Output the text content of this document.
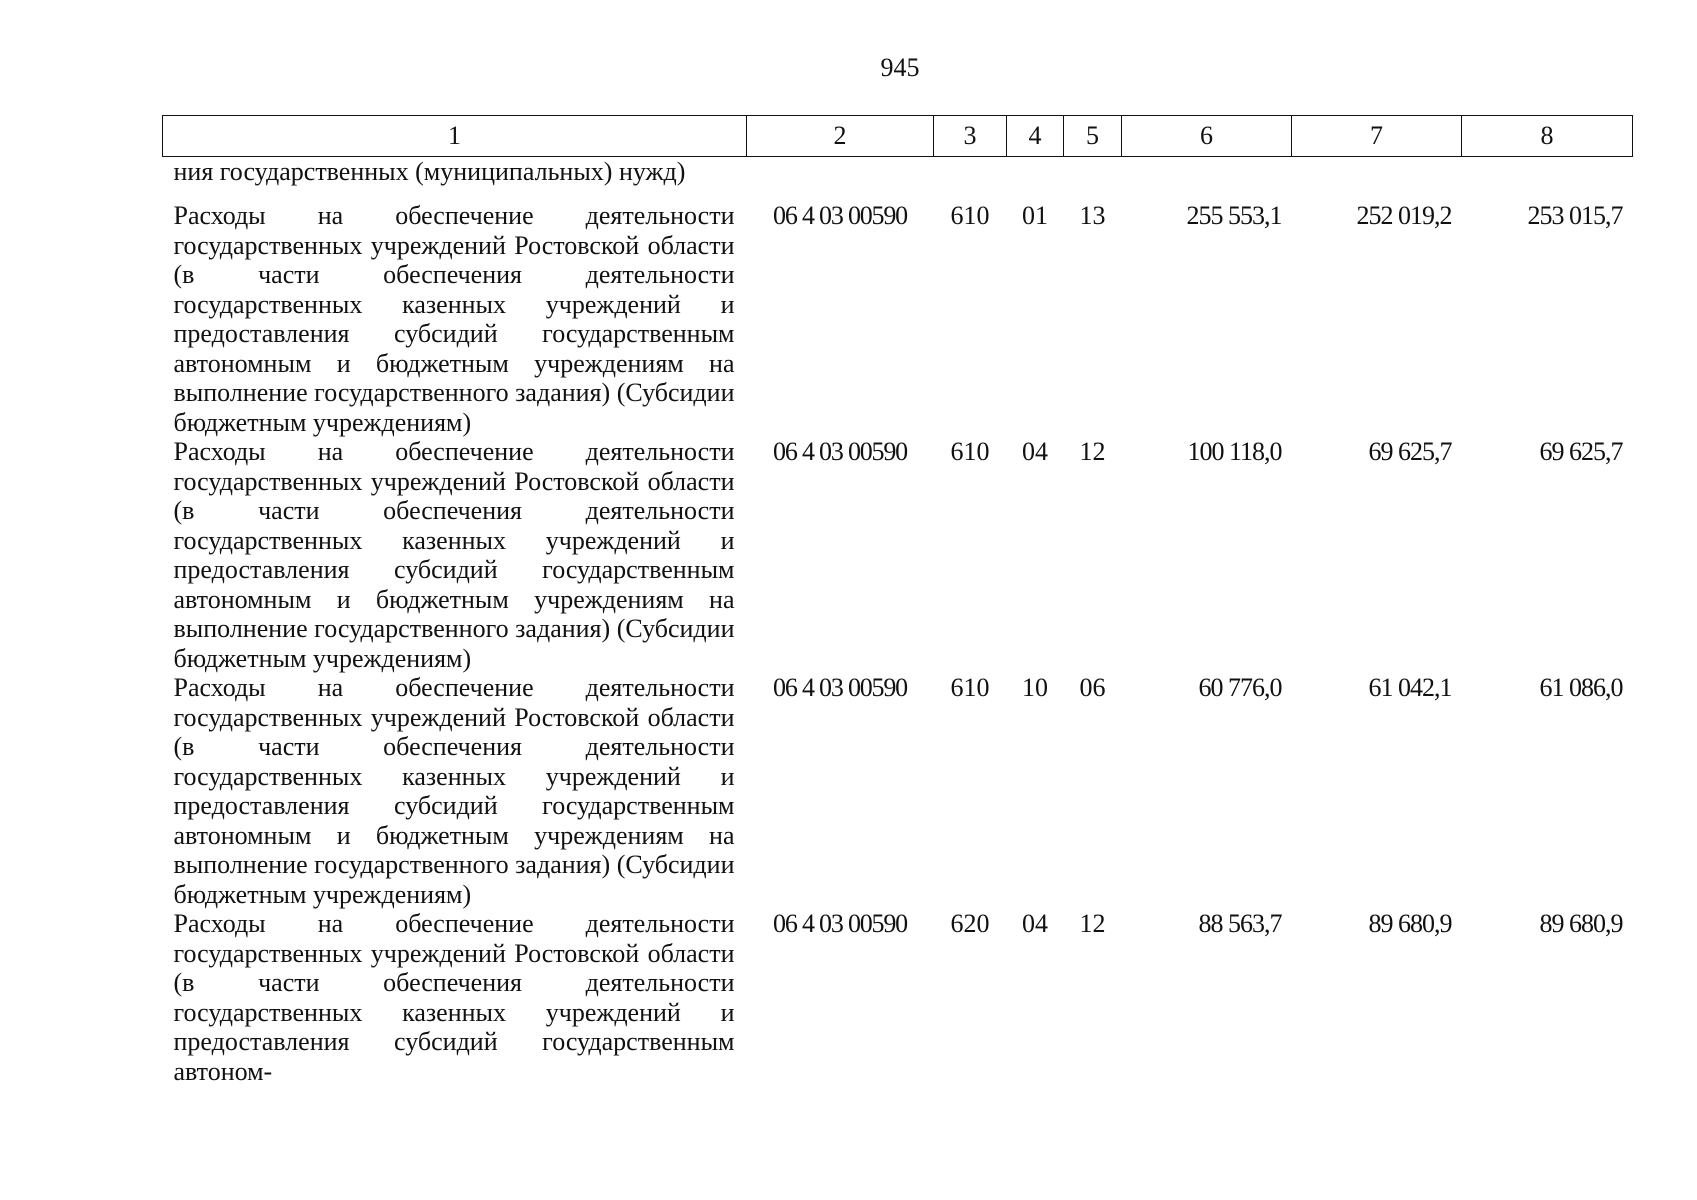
945
1	2	3	4	5	6	7	8
ния государственных (муниципальных) нужд)							
Расходы на обеспечение деятельности государственных учреждений Ростовской области (в части обеспечения деятельности государственных казенных учреждений и предоставления субсидий государственным автономным и бюджетным учреждениям на выполнение государственного задания) (Субсидии бюджетным учреждениям)	06 4 03 00590	610	01	13	255 553,1	252 019,2	253 015,7
Расходы на обеспечение деятельности государственных учреждений Ростовской области (в части обеспечения деятельности государственных казенных учреждений и предоставления субсидий государственным автономным и бюджетным учреждениям на выполнение государственного задания) (Субсидии бюджетным учреждениям)	06 4 03 00590	610	04	12	100 118,0	69 625,7	69 625,7
Расходы на обеспечение деятельности государственных учреждений Ростовской области (в части обеспечения деятельности государственных казенных учреждений и предоставления субсидий государственным автономным и бюджетным учреждениям на выполнение государственного задания) (Субсидии бюджетным учреждениям)	06 4 03 00590	610	10	06	60 776,0	61 042,1	61 086,0
Расходы на обеспечение деятельности государственных учреждений Ростовской области (в части обеспечения деятельности государственных казенных учреждений и предоставления субсидий государственным автоном-	06 4 03 00590	620	04	12	88 563,7	89 680,9	89 680,9
